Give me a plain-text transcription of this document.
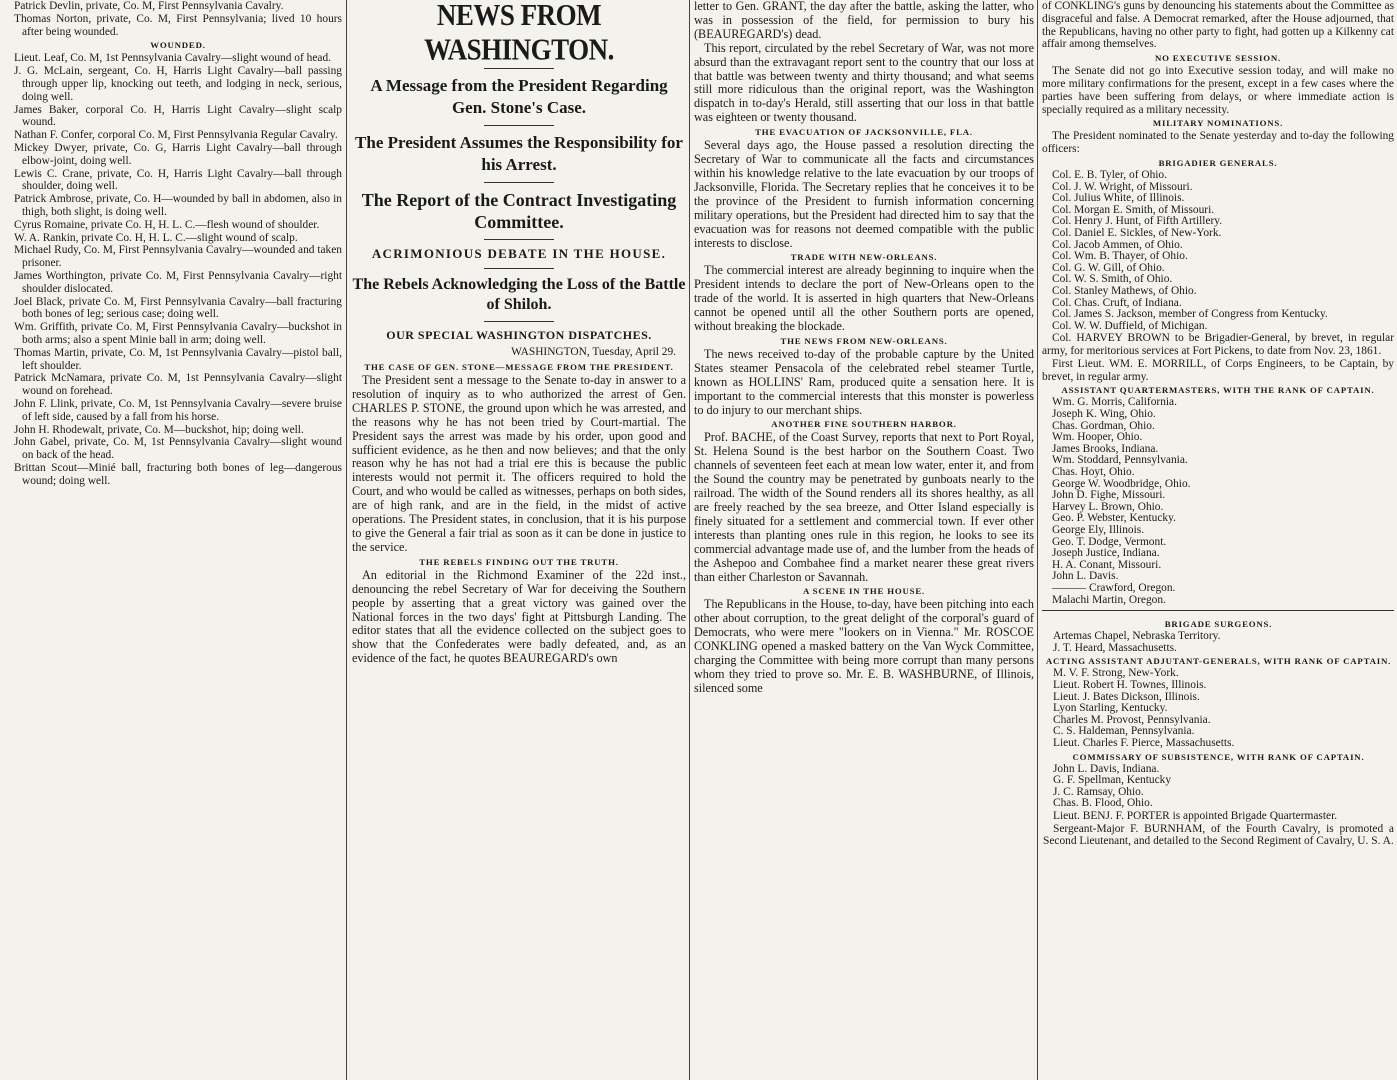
Patrick Devlin, private, Co. M, First Pennsylvania Cavalry.
Thomas Norton, private, Co. M, First Pennsylvania; lived 10 hours after being wounded.
WOUNDED.
Lieut. Leaf, Co. M, 1st Pennsylvania Cavalry—slight wound of head.
J. G. McLain, sergeant, Co. H, Harris Light Cavalry—ball passing through upper lip, knocking out teeth, and lodging in neck, serious, doing well.
James Baker, corporal Co. H, Harris Light Cavalry—slight scalp wound.
Nathan F. Confer, corporal Co. M, First Pennsylvania Regular Cavalry.
Mickey Dwyer, private, Co. G, Harris Light Cavalry—ball through elbow-joint, doing well.
Lewis C. Crane, private, Co. H, Harris Light Cavalry—ball through shoulder, doing well.
Patrick Ambrose, private, Co. H—wounded by ball in abdomen, also in thigh, both slight, is doing well.
Cyrus Romaine, private Co. H, H. L. C.—flesh wound of shoulder.
W. A. Rankin, private Co. H, H. L. C.—slight wound of scalp.
Michael Rudy, Co. M, First Pennsylvania Cavalry—wounded and taken prisoner.
James Worthington, private Co. M, First Pennsylvania Cavalry—right shoulder dislocated.
Joel Black, private Co. M, First Pennsylvania Cavalry—ball fracturing both bones of leg; serious case; doing well.
Wm. Griffith, private Co. M, First Pennsylvania Cavalry—buckshot in both arms; also a spent Minie ball in arm; doing well.
Thomas Martin, private, Co. M, 1st Pennsylvania Cavalry—pistol ball, left shoulder.
Patrick McNamara, private Co. M, 1st Pennsylvania Cavalry—slight wound on forehead.
John F. Llink, private, Co. M, 1st Pennsylvania Cavalry—severe bruise of left side, caused by a fall from his horse.
John H. Rhodewalt, private, Co. M—buckshot, hip; doing well.
John Gabel, private, Co. M, 1st Pennsylvania Cavalry—slight wound on back of the head.
Brittan Scout—Minié ball, fracturing both bones of leg—dangerous wound; doing well.
NEWS FROM WASHINGTON.
A Message from the President Regarding Gen. Stone's Case.
The President Assumes the Responsibility for his Arrest.
The Report of the Contract Investigating Committee.
ACRIMONIOUS DEBATE IN THE HOUSE.
The Rebels Acknowledging the Loss of the Battle of Shiloh.
OUR SPECIAL WASHINGTON DISPATCHES.
WASHINGTON, Tuesday, April 29.
THE CASE OF GEN. STONE—MESSAGE FROM THE PRESIDENT.

The President sent a message to the Senate to-day in answer to a resolution of inquiry as to who authorized the arrest of Gen. CHARLES P. STONE, the ground upon which he was arrested, and the reasons why he has not been tried by Court-martial. The President says the arrest was made by his order, upon good and sufficient evidence, as he then and now believes; and that the only reason why he has not had a trial ere this is because the public interests would not permit it. The officers required to hold the Court, and who would be called as witnesses, perhaps on both sides, are of high rank, and are in the field, in the midst of active operations. The President states, in conclusion, that it is his purpose to give the General a fair trial as soon as it can be done in justice to the service.

THE REBELS FINDING OUT THE TRUTH.

An editorial in the Richmond Examiner of the 22d inst., denouncing the rebel Secretary of War for deceiving the Southern people by asserting that a great victory was gained over the National forces in the two days' fight at Pittsburgh Landing. The editor states that all the evidence collected on the subject goes to show that the Confederates were badly defeated, and, as an evidence of the fact, he quotes BEAUREGARD's own

letter to Gen. GRANT, the day after the battle, asking the latter, who was in possession of the field, for permission to bury his (BEAUREGARD's) dead.

This report, circulated by the rebel Secretary of War, was not more absurd than the extravagant report sent to the country that our loss at that battle was between twenty and thirty thousand; and what seems still more ridiculous than the original report, was the Washington dispatch in to-day's Herald, still asserting that our loss in that battle was eighteen or twenty thousand.

THE EVACUATION OF JACKSONVILLE, FLA.

Several days ago, the House passed a resolution directing the Secretary of War to communicate all the facts and circumstances within his knowledge relative to the late evacuation by our troops of Jacksonville, Florida. The Secretary replies that he conceives it to be the province of the President to furnish information concerning military operations, but the President had directed him to say that the evacuation was for reasons not deemed compatible with the public interests to disclose.

TRADE WITH NEW-ORLEANS.

The commercial interest are already beginning to inquire when the President intends to declare the port of New-Orleans open to the trade of the world. It is asserted in high quarters that New-Orleans cannot be opened until all the other Southern ports are opened, without breaking the blockade.

THE NEWS FROM NEW-ORLEANS.

The news received to-day of the probable capture by the United States steamer Pensacola of the celebrated rebel steamer Turtle, known as HOLLINS' Ram, produced quite a sensation here. It is important to the commercial interests that this monster is powerless to do injury to our merchant ships.

ANOTHER FINE SOUTHERN HARBOR.

Prof. BACHE, of the Coast Survey, reports that next to Port Royal, St. Helena Sound is the best harbor on the Southern Coast. Two channels of seventeen feet each at mean low water, enter it, and from the Sound the country may be penetrated by gunboats nearly to the railroad. The width of the Sound renders all its shores healthy, as all are freely reached by the sea breeze, and Otter Island especially is finely situated for a settlement and commercial town. If ever other interests than planting ones rule in this region, he looks to see its commercial advantage made use of, and the lumber from the heads of the Ashepoo and Combahee find a market nearer these great rivers than either Charleston or Savannah.

A SCENE IN THE HOUSE.

The Republicans in the House, to-day, have been pitching into each other about corruption, to the great delight of the corporal's guard of Democrats, who were mere "lookers on in Vienna." Mr. ROSCOE CONKLING opened a masked battery on the Van Wyck Committee, charging the Committee with being more corrupt than many persons whom they tried to prove so. Mr. E. B. WASHBURNE, of Illinois, silenced some

of CONKLING's guns by denouncing his statements about the Committee as disgraceful and false. A Democrat remarked, after the House adjourned, that the Republicans, having no other party to fight, had gotten up a Kilkenny cat affair among themselves.

NO EXECUTIVE SESSION.

The Senate did not go into Executive session today, and will make no more military confirmations for the present, except in a few cases where the parties have been suffering from delays, or where immediate action is specially required as a military necessity.

MILITARY NOMINATIONS.

The President nominated to the Senate yesterday and to-day the following officers:

BRIGADIER GENERALS.
Col. E. B. Tyler, of Ohio.
Col. J. W. Wright, of Missouri.
Col. Julius White, of Illinois.
Col. Morgan E. Smith, of Missouri.
Col. Henry J. Hunt, of Fifth Artillery.
Col. Daniel E. Sickles, of New-York.
Col. Jacob Ammen, of Ohio.
Col. Wm. B. Thayer, of Ohio.
Col. G. W. Gill, of Ohio.
Col. W. S. Smith, of Ohio.
Col. Stanley Mathews, of Ohio.
Col. Chas. Cruft, of Indiana.
Col. James S. Jackson, member of Congress from Kentucky.
Col. W. W. Duffield, of Michigan.

Col. HARVEY BROWN to be Brigadier-General, by brevet, in regular army, for meritorious services at Fort Pickens, to date from Nov. 23, 1861.

First Lieut. WM. E. MORRILL, of Corps Engineers, to be Captain, by brevet, in regular army.

ASSISTANT QUARTERMASTERS, WITH THE RANK OF CAPTAIN.
Wm. G. Morris, California.
Joseph K. Wing, Ohio.
Chas. Gordman, Ohio.
Wm. Hooper, Ohio.
James Brooks, Indiana.
Wm. Stoddard, Pennsylvania.
Chas. Hoyt, Ohio.
George W. Woodbridge, Ohio.
John D. Fighe, Missouri.
Harvey L. Brown, Ohio.
Geo. P. Webster, Kentucky.
George Ely, Illinois.
Geo. T. Dodge, Vermont.
Joseph Justice, Indiana.
H. A. Conant, Missouri.
John L. Davis.
——— Crawford, Oregon.
Malachi Martin, Oregon.
BRIGADE SURGEONS.
Artemas Chapel, Nebraska Territory.
J. T. Heard, Massachusetts.
ACTING ASSISTANT ADJUTANT-GENERALS, WITH RANK OF CAPTAIN.
M. V. F. Strong, New-York.
Lieut. Robert H. Townes, Illinois.
Lieut. J. Bates Dickson, Illinois.
Lyon Starling, Kentucky.
Charles M. Provost, Pennsylvania.
C. S. Haldeman, Pennsylvania.
Lieut. Charles F. Pierce, Massachusetts.
COMMISSARY OF SUBSISTENCE, WITH RANK OF CAPTAIN.
John L. Davis, Indiana.
G. F. Spellman, Kentucky
J. C. Ramsay, Ohio.
Chas. B. Flood, Ohio.

Lieut. BENJ. F. PORTER is appointed Brigade Quartermaster.

Sergeant-Major F. BURNHAM, of the Fourth Cavalry, is promoted a Second Lieutenant, and detailed to the Second Regiment of Cavalry, U. S. A.
